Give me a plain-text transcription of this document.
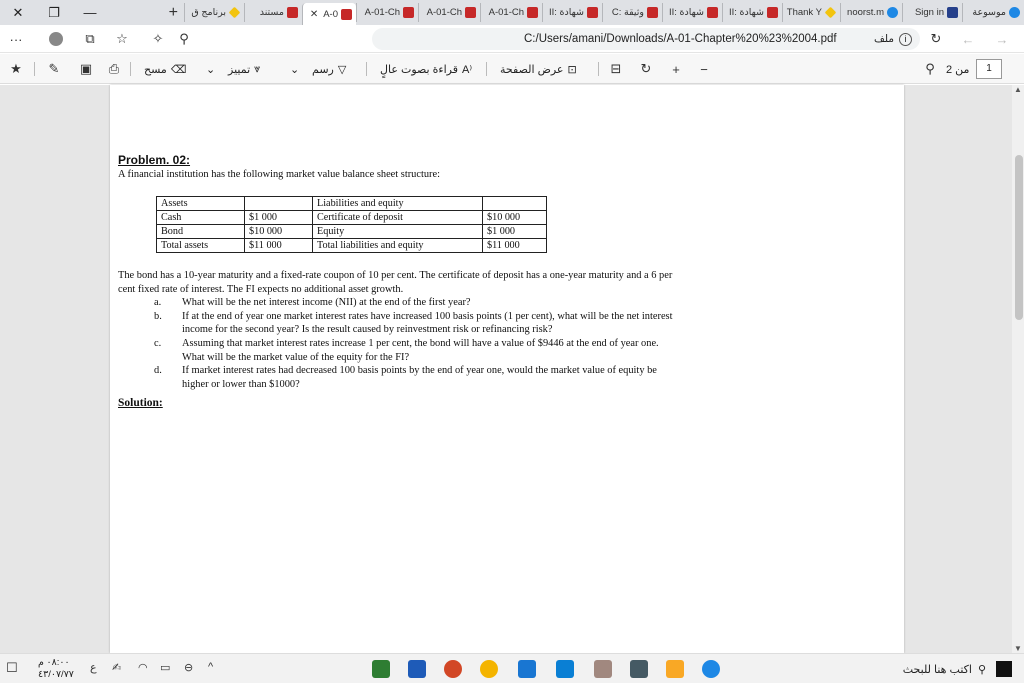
موسوعة
Sign in
noorst.m
Thank Y
شهادة :II
شهادة :II
وثيقة :C
شهادة :II
A-01-Ch
A-01-Ch
A-01-Ch
A-0
✕
مستند
برنامج ق
+
✕	❐	—
···	⧉	☆	✧	⚲	C:/Users/amani/Downloads/A-01-Chapter%20%23%2004.pdf	ملف	i	↻	← →
★	✎	▣	⎙	مسح ⌫ ⌄ تمييز ⩔	⌄ رسم ▽	قراءة بصوت عالٍ A⁾	عرض الصفحة ⊡	⊟	↻	+	−	⚲	من 2	1
Problem. 02:
A financial institution has the following market value balance sheet structure:
Assets		Liabilities and equity	
Cash	$1 000	Certificate of deposit	$10 000
Bond	$10 000	Equity	$1 000
Total assets	$11 000	Total liabilities and equity	$11 000
The bond has a 10-year maturity and a fixed-rate coupon of 10 per cent. The certificate of deposit has a one-year maturity and a 6 per cent fixed rate of interest. The FI expects no additional asset growth.
a.	What will be the net interest income (NII) at the end of the first year?
b.	If at the end of year one market interest rates have increased 100 basis points (1 per cent), what will be the net interest income for the second year? Is the result caused by reinvestment risk or refinancing risk?
c.	Assuming that market interest rates increase 1 per cent, the bond will have a value of $9446 at the end of year one. What will be the market value of the equity for the FI?
d.	If market interest rates had decreased 100 basis points by the end of year one, would the market value of equity be higher or lower than $1000?
Solution:
▲
▼
☐ ٠٨:٠٠ م
٤٣/٠٧/٧٧
ع ✍ ◠ ▭ ⊖ ^	اكتب هنا للبحث ⚲
